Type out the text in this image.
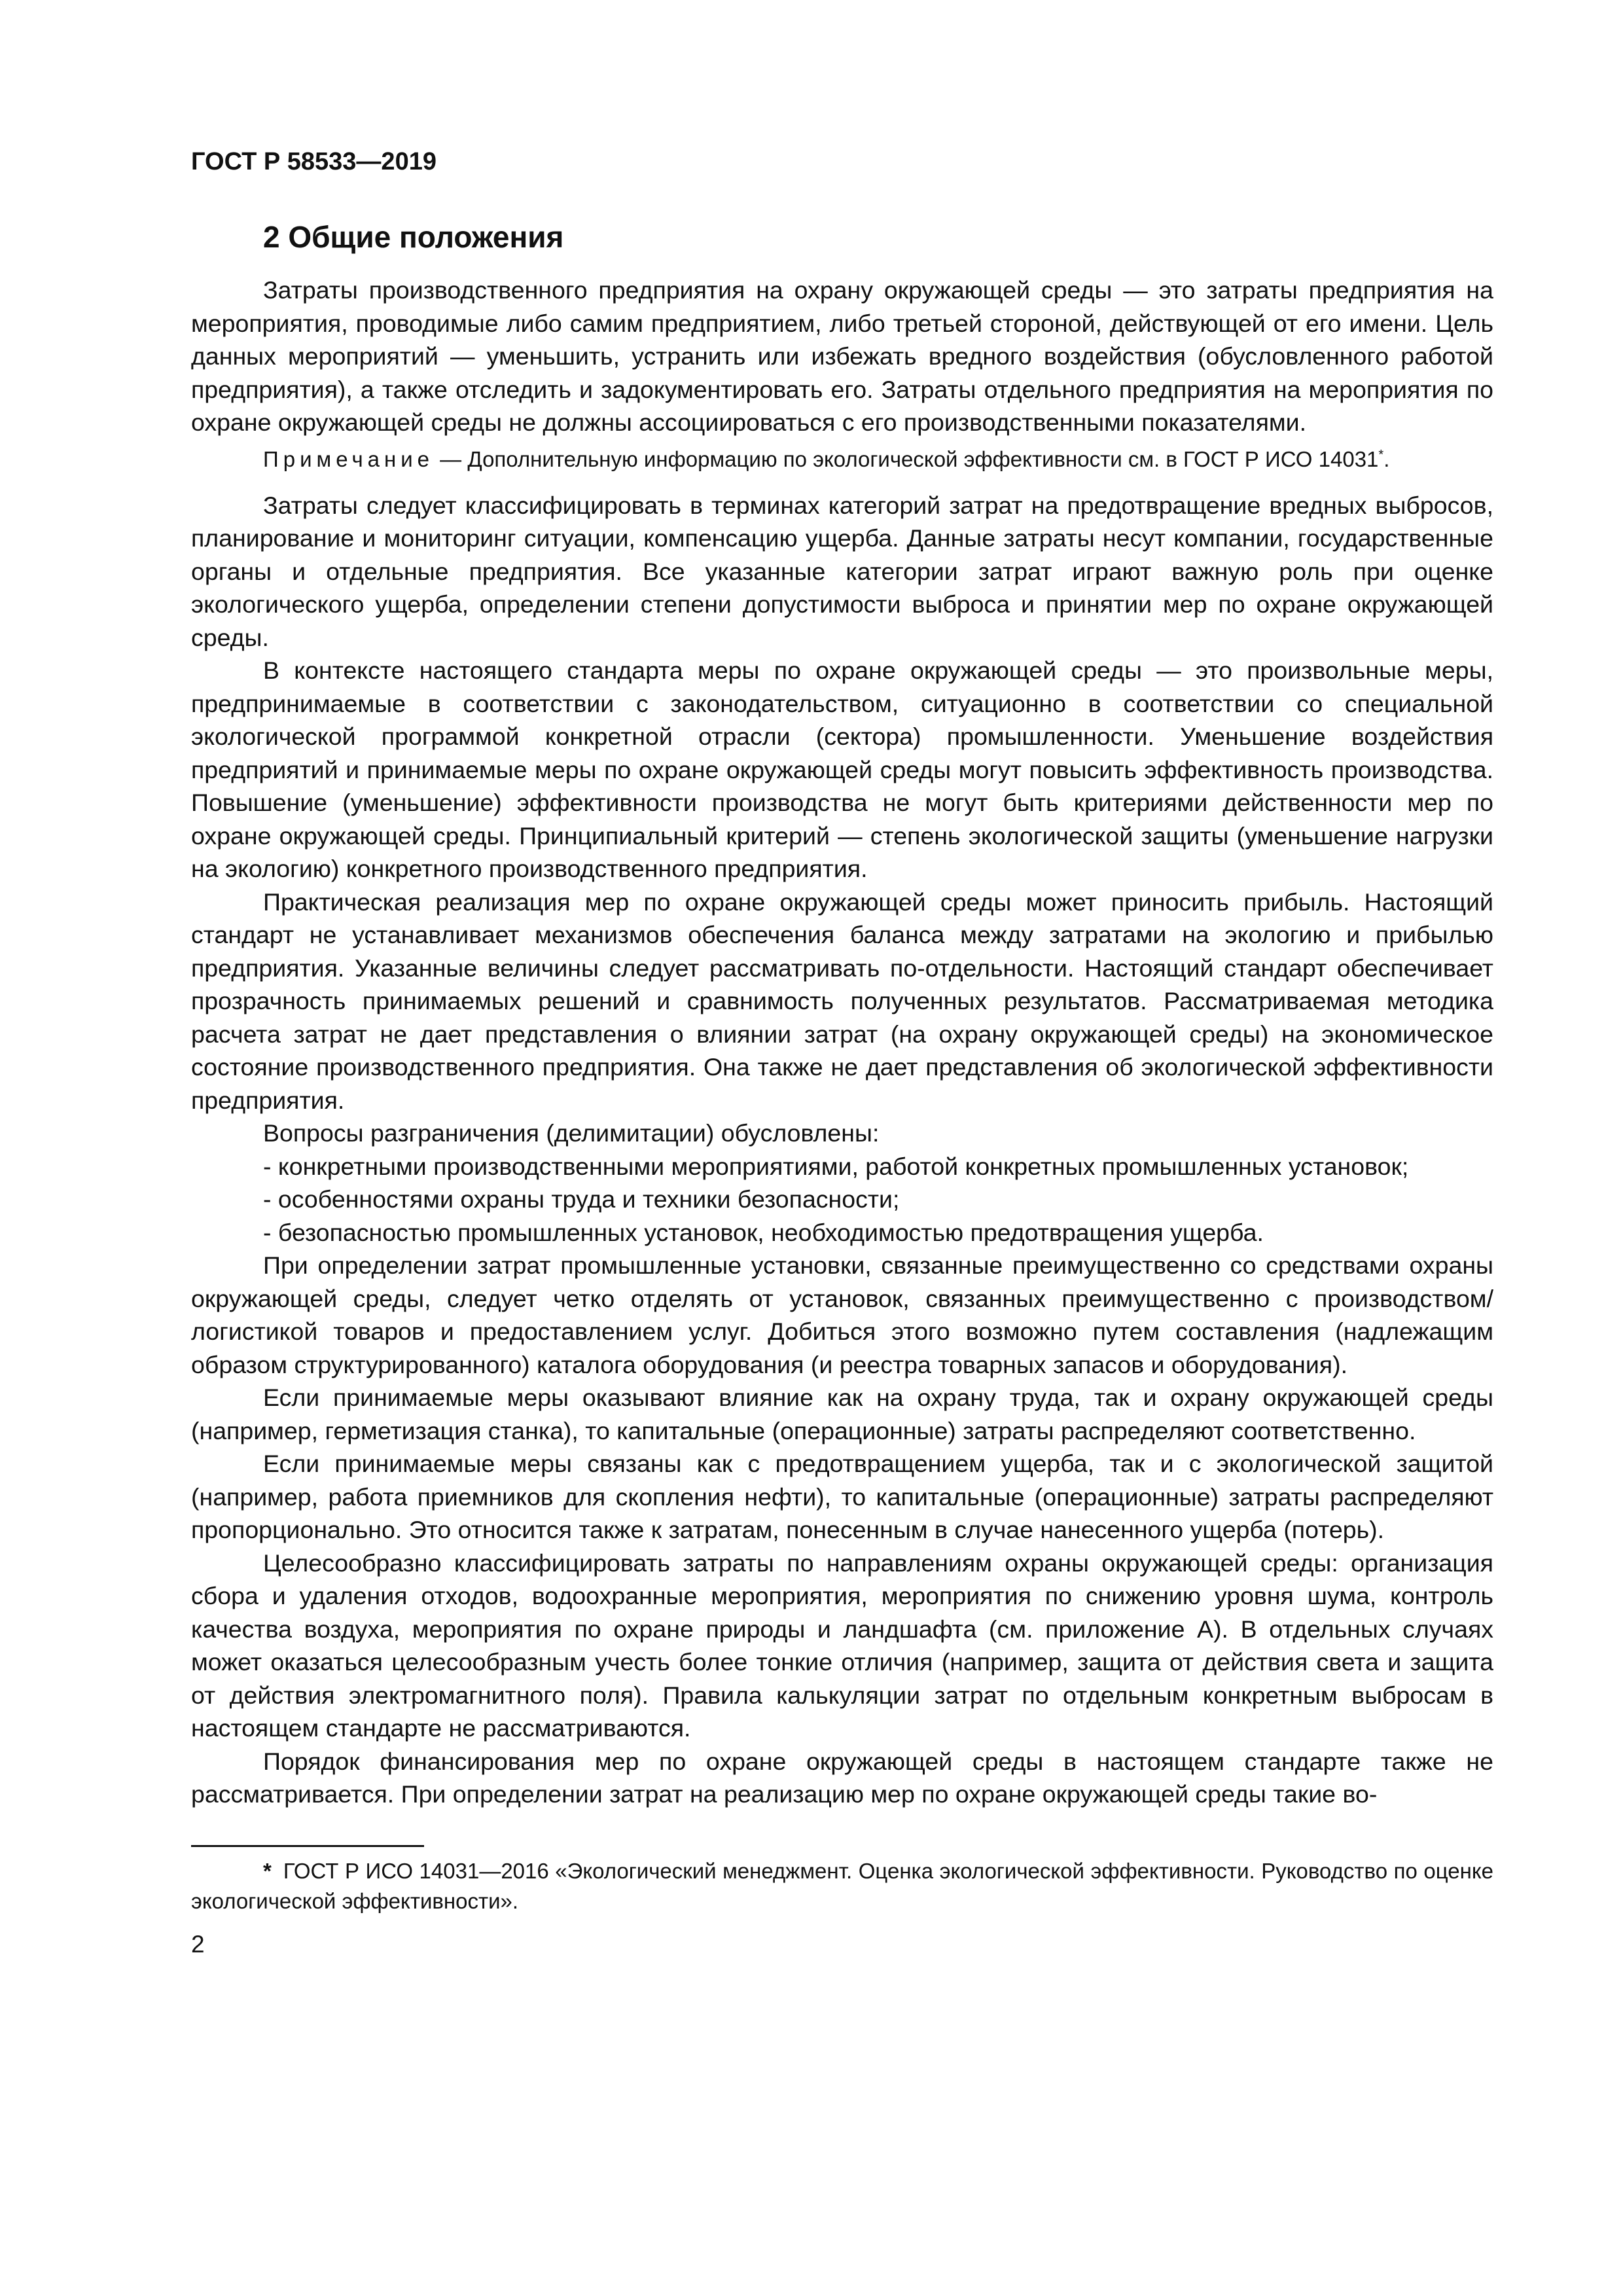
ГОСТ Р 58533—2019
2 Общие положения

Затраты производственного предприятия на охрану окружающей среды — это затраты предприятия на мероприятия, проводимые либо самим предприятием, либо третьей стороной, действующей от его имени. Цель данных мероприятий — уменьшить, устранить или избежать вредного воздействия (обусловленного работой предприятия), а также отследить и задокументировать его. Затраты отдельного предприятия на мероприятия по охране окружающей среды не должны ассоциироваться с его производственными показателями.

Примечание — Дополнительную информацию по экологической эффективности см. в ГОСТ Р ИСО 14031*.

Затраты следует классифицировать в терминах категорий затрат на предотвращение вредных выбросов, планирование и мониторинг ситуации, компенсацию ущерба. Данные затраты несут компании, государственные органы и отдельные предприятия. Все указанные категории затрат играют важную роль при оценке экологического ущерба, определении степени допустимости выброса и принятии мер по охране окружающей среды.

В контексте настоящего стандарта меры по охране окружающей среды — это произвольные меры, предпринимаемые в соответствии с законодательством, ситуационно в соответствии со специальной экологической программой конкретной отрасли (сектора) промышленности. Уменьшение воздействия предприятий и принимаемые меры по охране окружающей среды могут повысить эффективность производства. Повышение (уменьшение) эффективности производства не могут быть критериями действенности мер по охране окружающей среды. Принципиальный критерий — степень экологической защиты (уменьшение нагрузки на экологию) конкретного производственного предприятия.

Практическая реализация мер по охране окружающей среды может приносить прибыль. Настоящий стандарт не устанавливает механизмов обеспечения баланса между затратами на экологию и прибылью предприятия. Указанные величины следует рассматривать по-отдельности. Настоящий стандарт обеспечивает прозрачность принимаемых решений и сравнимость полученных результатов. Рассматриваемая методика расчета затрат не дает представления о влиянии затрат (на охрану окружающей среды) на экономическое состояние производственного предприятия. Она также не дает представления об экологической эффективности предприятия.

Вопросы разграничения (делимитации) обусловлены:

- конкретными производственными мероприятиями, работой конкретных промышленных установок;

- особенностями охраны труда и техники безопасности;

- безопасностью промышленных установок, необходимостью предотвращения ущерба.

При определении затрат промышленные установки, связанные преимущественно со средствами охраны окружающей среды, следует четко отделять от установок, связанных преимущественно с производством/логистикой товаров и предоставлением услуг. Добиться этого возможно путем составления (надлежащим образом структурированного) каталога оборудования (и реестра товарных запасов и оборудования).

Если принимаемые меры оказывают влияние как на охрану труда, так и охрану окружающей среды (например, герметизация станка), то капитальные (операционные) затраты распределяют соответственно.

Если принимаемые меры связаны как с предотвращением ущерба, так и с экологической защитой (например, работа приемников для скопления нефти), то капитальные (операционные) затраты распределяют пропорционально. Это относится также к затратам, понесенным в случае нанесенного ущерба (потерь).

Целесообразно классифицировать затраты по направлениям охраны окружающей среды: организация сбора и удаления отходов, водоохранные мероприятия, мероприятия по снижению уровня шума, контроль качества воздуха, мероприятия по охране природы и ландшафта (см. приложение А). В отдельных случаях может оказаться целесообразным учесть более тонкие отличия (например, защита от действия света и защита от действия электромагнитного поля). Правила калькуляции затрат по отдельным конкретным выбросам в настоящем стандарте не рассматриваются.

Порядок финансирования мер по охране окружающей среды в настоящем стандарте также не рассматривается. При определении затрат на реализацию мер по охране окружающей среды такие во-

* ГОСТ Р ИСО 14031—2016 «Экологический менеджмент. Оценка экологической эффективности. Руководство по оценке экологической эффективности».

2
